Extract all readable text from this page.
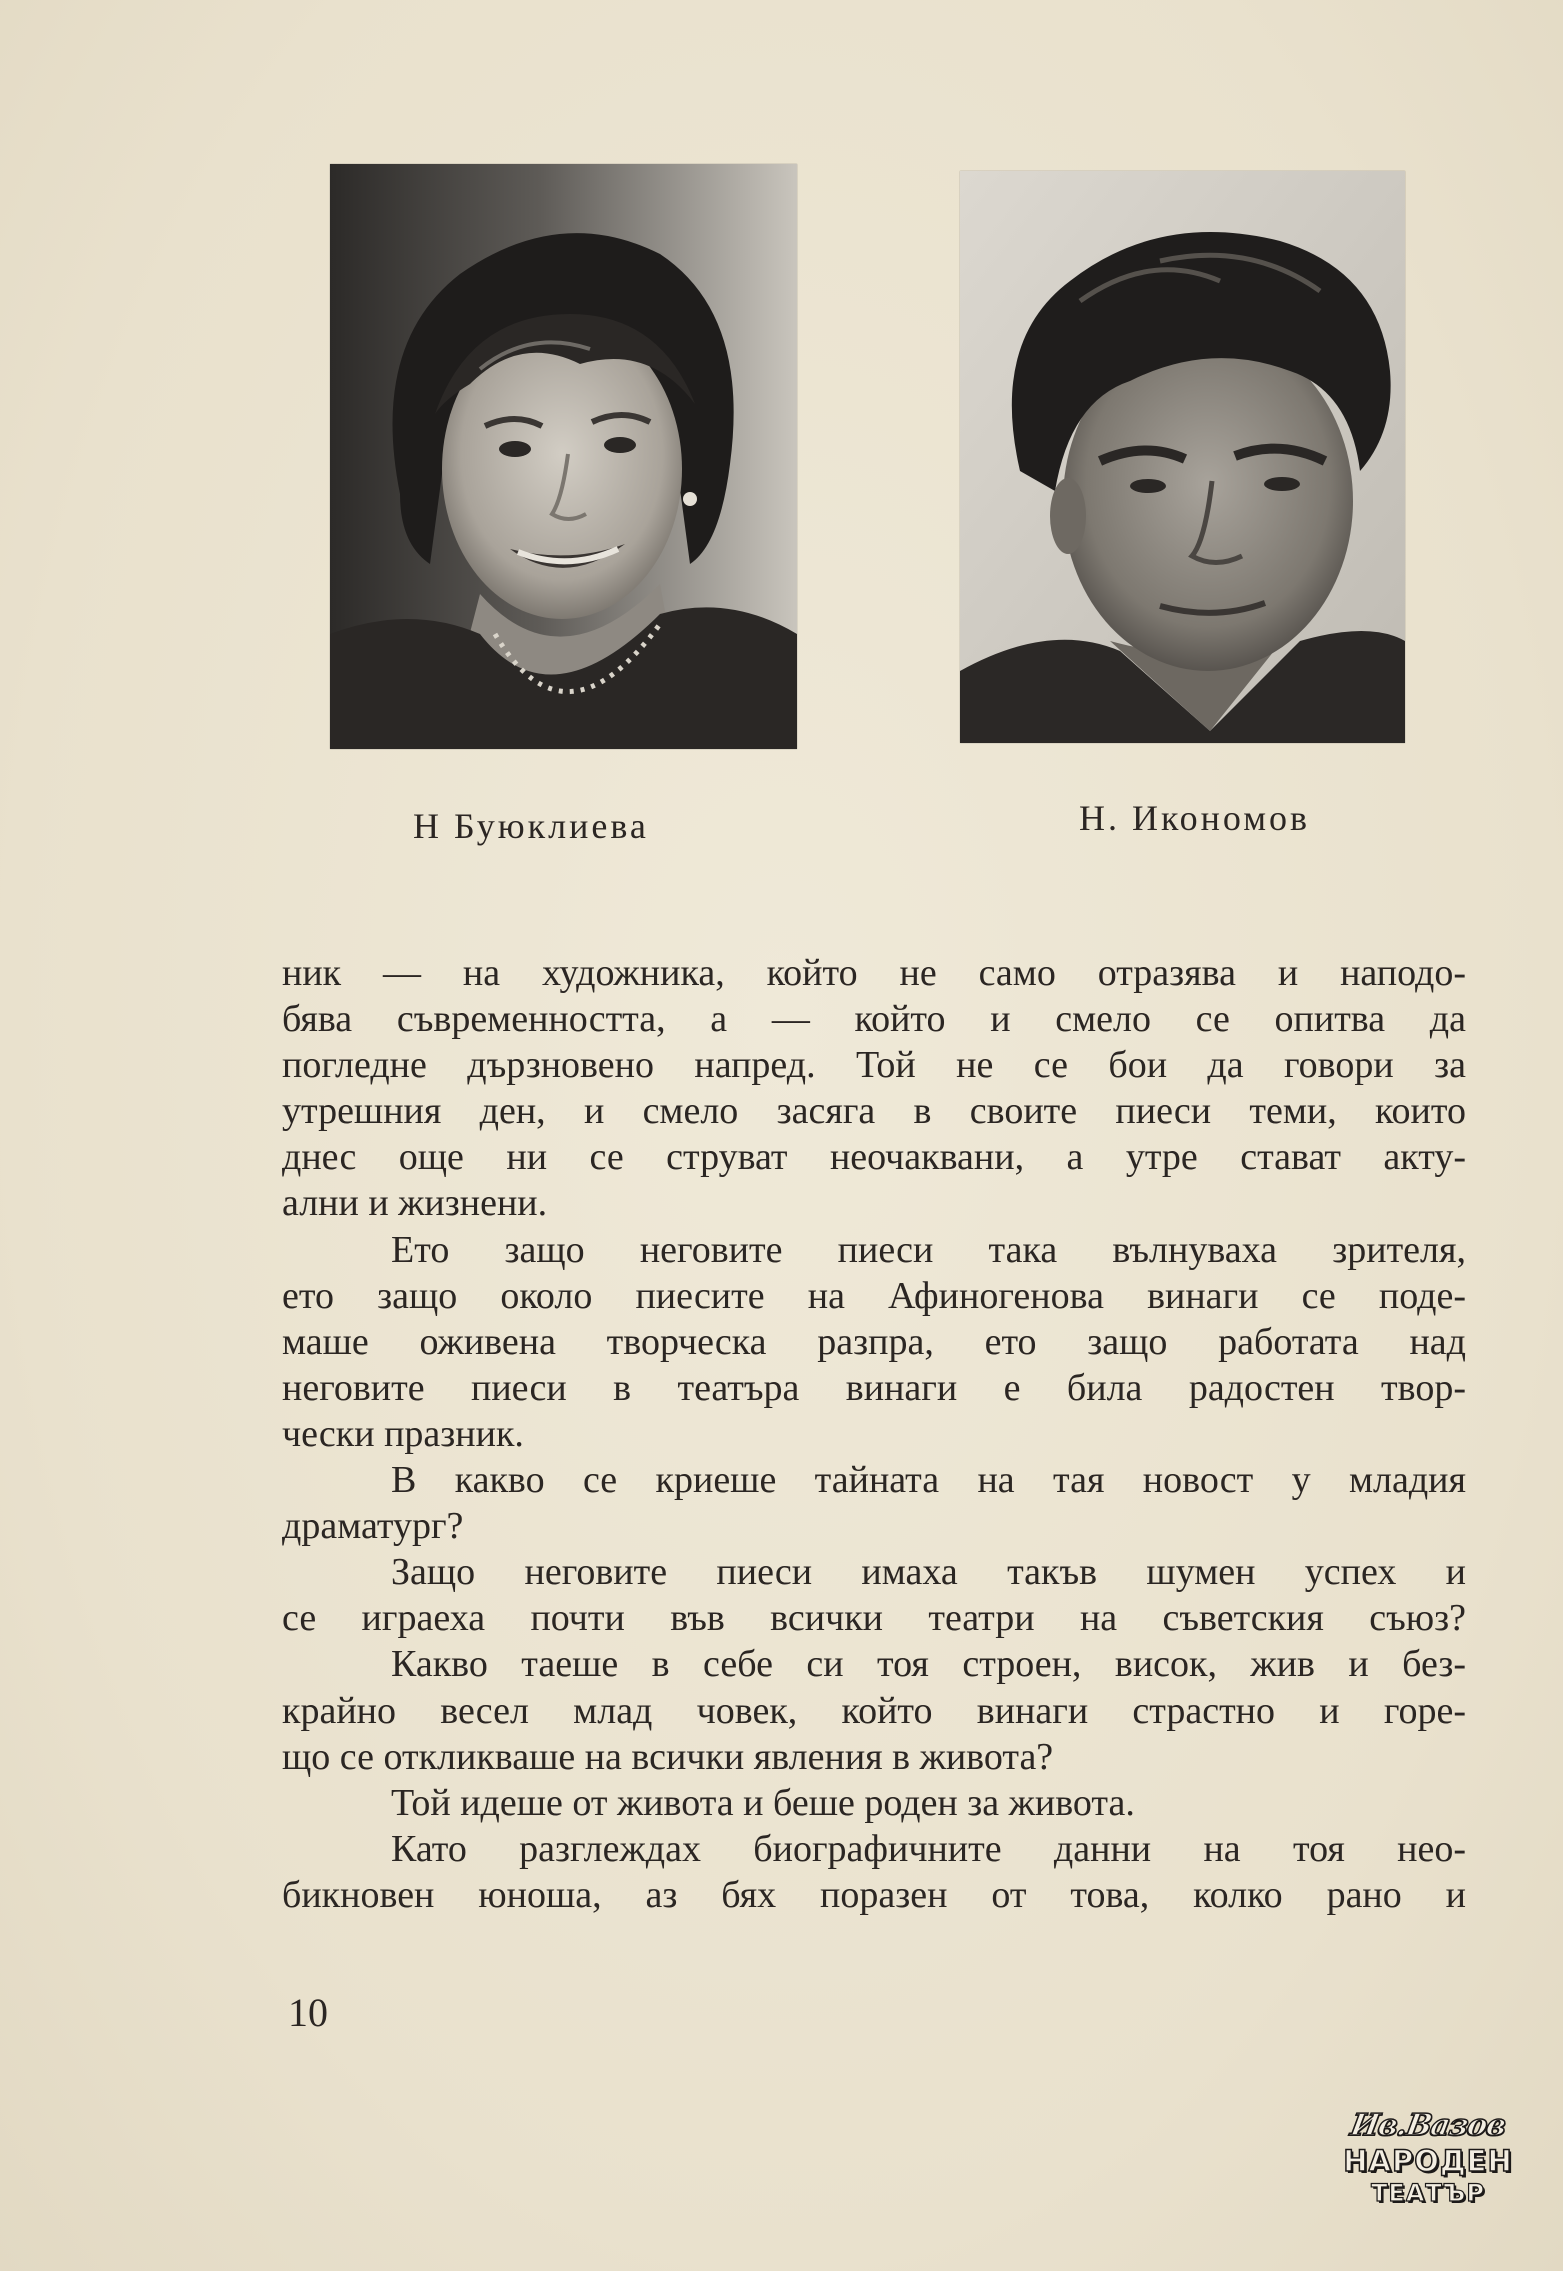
Н Буюклиева	Н. Икономов
ник — на художника, който не само отразява и наподо-
бява съвременността, а — който и смело се опитва да
погледне дързновено напред. Той не се бои да говори за
утрешния ден, и смело засяга в своите пиеси теми, които
днес още ни се струват неочаквани, а утре стават акту-
ални и жизнени.
Ето защо неговите пиеси така вълнуваха зрителя,
ето защо около пиесите на Афиногенова винаги се поде-
маше оживена творческа разпра, ето защо работата над
неговите пиеси в театъра винаги е била радостен твор-
чески празник.
В какво се криеше тайната на тая новост у младия
драматург?
Защо неговите пиеси имаха такъв шумен успех и
се играеха почти във всички театри на съветския съюз?
Какво таеше в себе си тоя строен, висок, жив и без-
крайно весел млад човек, който винаги страстно и горе-
що се откликваше на всички явления в живота?
Той идеше от живота и беше роден за живота.
Като разглеждах биографичните данни на тоя нео-
бикновен юноша, аз бях поразен от това, колко рано и
10
Ив.Вазов
НАРОДЕН
ТЕАТЪР
